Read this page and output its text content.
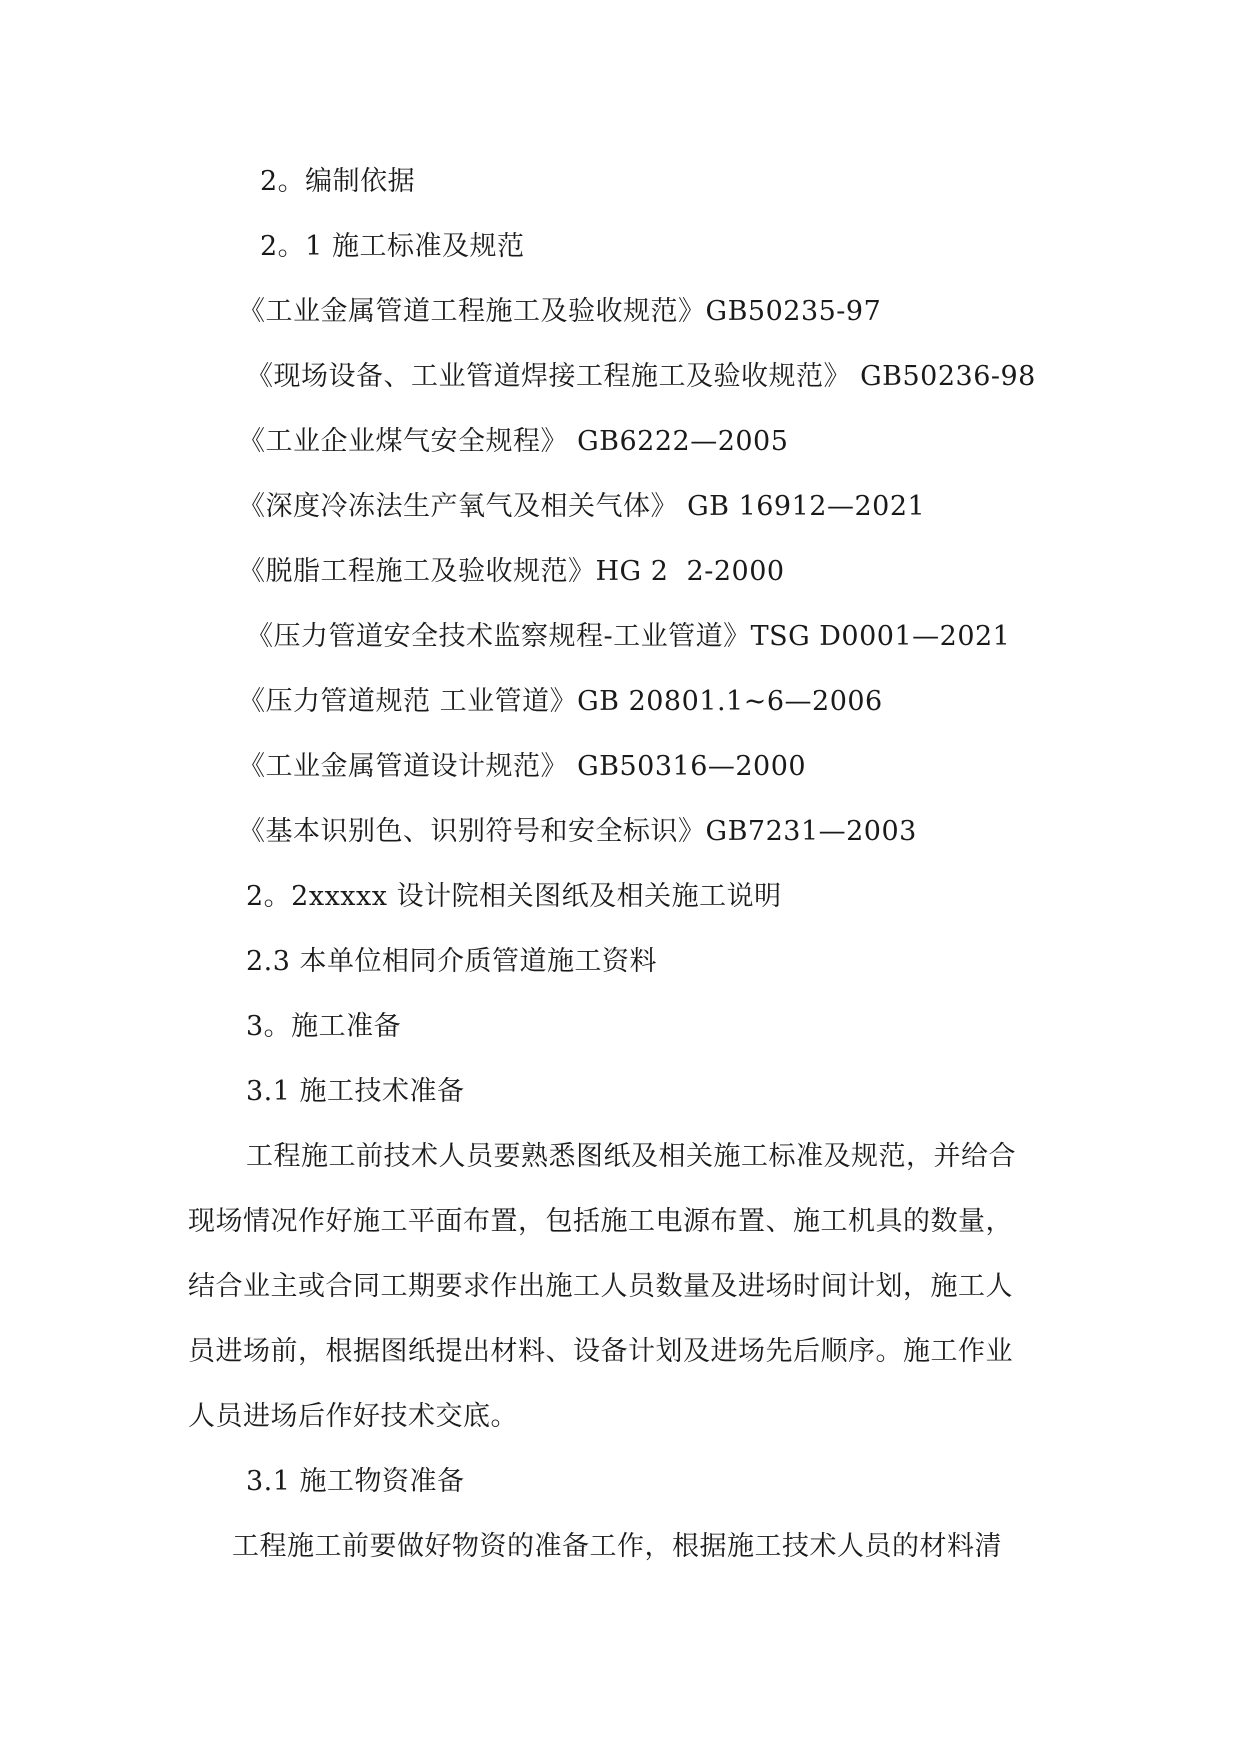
2。编制依据
2。1 施工标准及规范
《工业金属管道工程施工及验收规范》GB50235-97
《现场设备、工业管道焊接工程施工及验收规范》 GB50236-98
《工业企业煤气安全规程》 GB6222—2005
《深度冷冻法生产氧气及相关气体》 GB 16912—2021
《脱脂工程施工及验收规范》HG 2  2-2000
《压力管道安全技术监察规程-工业管道》TSG D0001—2021
《压力管道规范 工业管道》GB 20801.1~6—2006
《工业金属管道设计规范》 GB50316—2000
《基本识别色、识别符号和安全标识》GB7231—2003
2。2xxxxx 设计院相关图纸及相关施工说明
2.3 本单位相同介质管道施工资料
3。施工准备
3.1 施工技术准备
工程施工前技术人员要熟悉图纸及相关施工标准及规范，并给合
现场情况作好施工平面布置，包括施工电源布置、施工机具的数量，
结合业主或合同工期要求作出施工人员数量及进场时间计划，施工人
员进场前，根据图纸提出材料、设备计划及进场先后顺序。施工作业
人员进场后作好技术交底。
3.1 施工物资准备
工程施工前要做好物资的准备工作，根据施工技术人员的材料清
